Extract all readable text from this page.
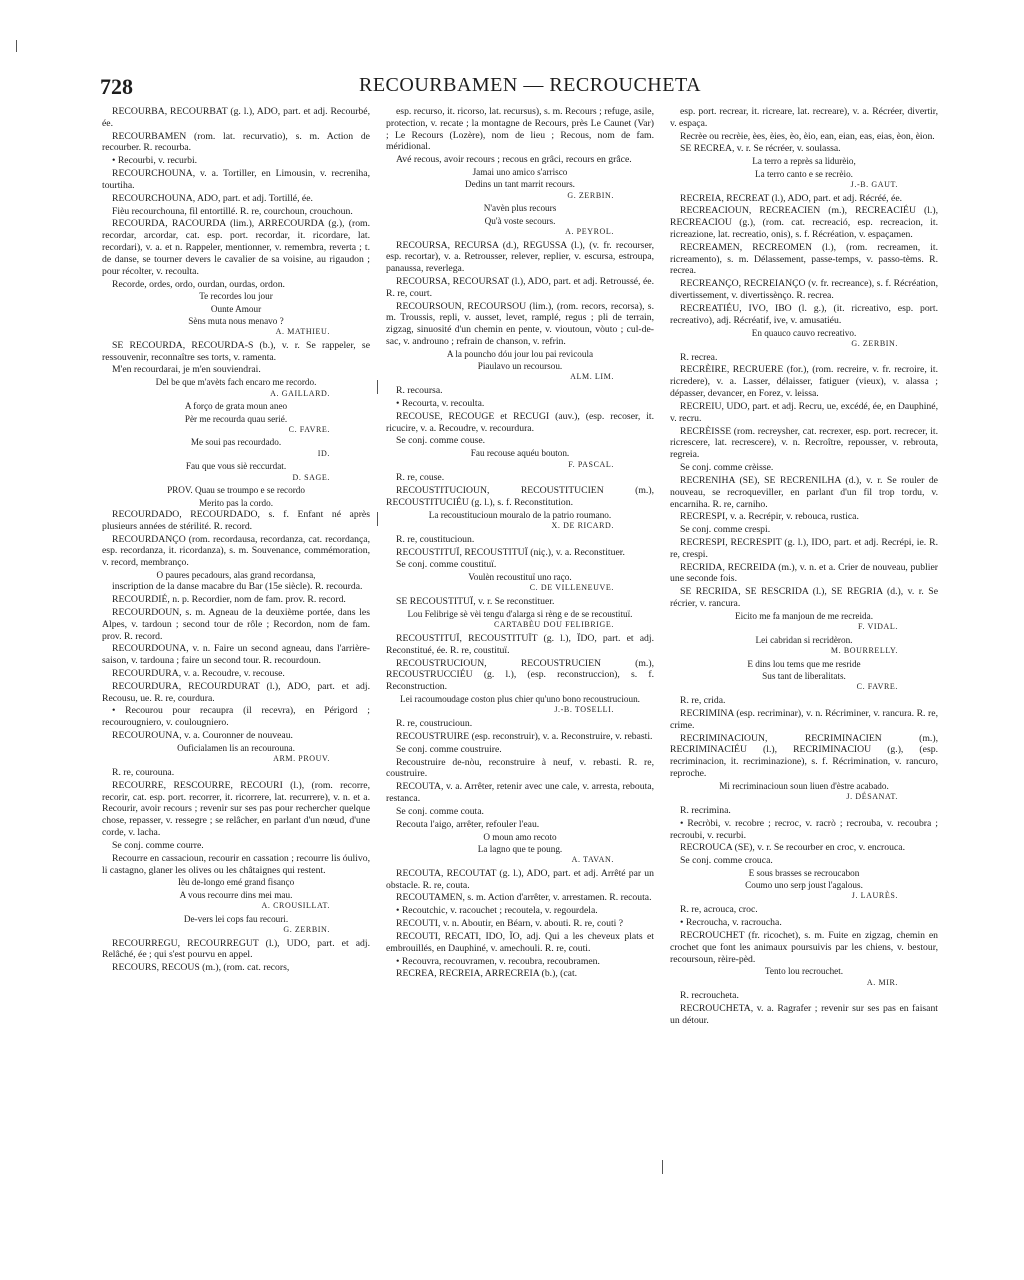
728	RECOURBAMEN — RECROUCHETA
RECOURBA, RECOURBAT (g. l.), ADO, part. et adj. Recourbé, ée.
RECOURBAMEN (rom. lat. recurvatio), s. m. Action de recourber. R. recourba.
• Recourbi, v. recurbi.
RECOURCHOUNA, v. a. Tortiller, en Limousin, v. recreniha, tourtiha.
RECOURCHOUNA, ADO, part. et adj. Tortillé, ée.
Fièu recourchouna, fil entortillé. R. re, courchoun, crouchoun.
RECOURDA, RACOURDA (lim.), ARRECOURDA (g.), (rom. recordar, arcordar, cat. esp. port. recordar, it. ricordare, lat. recordari), v. a. et n. Rappeler, mentionner, v. remembra, reverta ; t. de danse, se tourner devers le cavalier de sa voisine, au rigaudon ; pour récolter, v. recoulta.
Recorde, ordes, ordo, ourdan, ourdas, ordon.
Te recordes lou jour
Ounte Amour
Sèns muta nous menavo ?
A. MATHIEU.
SE RECOURDA, RECOURDA-S (b.), v. r. Se rappeler, se ressouvenir, reconnaître ses torts, v. ramenta.
M'en recourdarai, je m'en souviendrai.
Del be que m'avèts fach encaro me recordo.
A. GAILLARD.
A forço de grata moun aneo
Pèr me recourda quau serié.
C. FAVRE.
Me soui pas recourdado.
ID.
Fau que vous siè reccurdat.
D. SAGE.
PROV. Quau se troumpo e se recordo
Merito pas la cordo.
RECOURDADO, RECOURDADO, s. f. Enfant né après plusieurs années de stérilité. R. record.
RECOURDANÇO (rom. recordausa, recordanza, cat. recordança, esp. recordanza, it. ricordanza), s. m. Souvenance, commémoration, v. record, membranço.
O paures pecadours, alas grand recordansa,
inscription de la danse macabre du Bar (15e siècle). R. recourda.
RECOURDIÉ, n. p. Recordier, nom de fam. prov. R. record.
RECOURDOUN, s. m. Agneau de la deuxième portée, dans les Alpes, v. tardoun ; second tour de rôle ; Recordon, nom de fam. prov. R. record.
RECOURDOUNA, v. n. Faire un second agneau, dans l'arrière-saison, v. tardouna ; faire un second tour. R. recourdoun.
RECOURDURA, v. a. Recoudre, v. recouse.
RECOURDURA, RECOURDURAT (l.), ADO, part. et adj. Recousu, ue. R. re, courdura.
• Recourou pour recaupra (il recevra), en Périgord ; recourougniero, v. coulougniero.
RECOUROUNA, v. a. Couronner de nouveau.
Ouficialamen lis an recourouna.
ARM. PROUV.
R. re, courouna.
RECOURRE, RESCOURRE, RECOURI (l.), (rom. recorre, recorir, cat. esp. port. recorrer, it. ricorrere, lat. recurrere), v. n. et a. Recourir, avoir recours ; revenir sur ses pas pour rechercher quelque chose, repasser, v. ressegre ; se relâcher, en parlant d'un nœud, d'une corde, v. lacha.
Se conj. comme courre.
Recourre en cassacioun, recourir en cassation ; recourre lis óulivo, li castagno, glaner les olives ou les châtaignes qui restent.
Ièu de-longo emé grand fisanço
A vous recourre dins mei mau.
A. CROUSILLAT.
De-vers lei cops fau recouri.
G. ZERBIN.
RECOURREGU, RECOURREGUT (l.), UDO, part. et adj. Relâché, ée ; qui s'est pourvu en appel.
RECOURS, RECOUS (m.), (rom. cat. recors,
esp. recurso, it. ricorso, lat. recursus), s. m. Recours ; refuge, asile, protection, v. recate ; la montagne de Recours, près Le Caunet (Var) ; Le Recours (Lozère), nom de lieu ; Recous, nom de fam. méridional.
Avé recous, avoir recours ; recous en grâci, recours en grâce.
Jamai uno amico s'arrisco
Dedins un tant marrit recours.
G. ZERBIN.
N'avèn plus recours
Qu'à voste secours.
A. PEYROL.
RECOURSA, RECURSA (d.), REGUSSA (l.), (v. fr. recourser, esp. recortar), v. a. Retrousser, relever, replier, v. escursa, estroupa, panaussa, reverlega.
RECOURSA, RECOURSAT (l.), ADO, part. et adj. Retroussé, ée. R. re, court.
RECOURSOUN, RECOURSOU (lim.), (rom. recors, recorsa), s. m. Troussis, repli, v. ausset, levet, ramplé, regus ; pli de terrain, zigzag, sinuosité d'un chemin en pente, v. vioutoun, vòuto ; cul-de-sac, v. androuno ; refrain de chanson, v. refrin.
A la pouncho dóu jour lou pai revicoula
Piaulavo un recoursou.
ALM. LIM.
R. recoursa.
• Recourta, v. recoulta.
RECOUSE, RECOUGE et RECUGI (auv.), (esp. recoser, it. ricucire, v. a. Recoudre, v. recourdura.
Se conj. comme couse.
Fau recouse aquéu bouton.
F. PASCAL.
R. re, couse.
RECOUSTITUCIOUN, RECOUSTITUCIEN (m.), RECOUSTITUCIÉU (g. l.), s. f. Reconstitution.
La recoustitucioun mouralo de la patrio roumano.
X. DE RICARD.
R. re, coustitucioun.
RECOUSTITUÏ, RECOUSTITUÏ (niç.), v. a. Reconstituer.
Se conj. comme coustituï.
Voulèn recoustituï uno raço.
C. DE VILLENEUVE.
SE RECOUSTITUÏ, v. r. Se reconstituer.
Lou Felibrige sè vèi tengu d'alarga si rèng e de se recoustituï.
CARTABÈU DOU FELIBRIGE.
RECOUSTITUÏ, RECOUSTITUÏT (g. l.), ÏDO, part. et adj. Reconstitué, ée. R. re, coustituï.
RECOUSTRUCIOUN, RECOUSTRUCIEN (m.), RECOUSTRUCCIÉU (g. l.), (esp. reconstruccion), s. f. Reconstruction.
Lei racoumoudage coston plus chier qu'uno bono recoustrucioun.
J.-B. TOSELLI.
R. re, coustrucioun.
RECOUSTRUIRE (esp. reconstruir), v. a. Reconstruire, v. rebasti.
Se conj. comme coustruire.
Recoustruire de-nòu, reconstruire à neuf, v. rebasti. R. re, coustruire.
RECOUTA, v. a. Arrêter, retenir avec une cale, v. arresta, rebouta, restanca.
Se conj. comme couta.
Recouta l'aigo, arrêter, refouler l'eau.
O moun amo recoto
La lagno que te poung.
A. TAVAN.
RECOUTA, RECOUTAT (g. l.), ADO, part. et adj. Arrêté par un obstacle. R. re, couta.
RECOUTAMEN, s. m. Action d'arrêter, v. arrestamen. R. recouta.
• Recoutchic, v. racouchet ; recoutela, v. regourdela.
RECOUTI, v. n. Aboutir, en Béarn, v. abouti. R. re, couti ?
RECOUTI, RECATI, IDO, ÏO, adj. Qui a les cheveux plats et embrouillés, en Dauphiné, v. amechouli. R. re, couti.
• Recouvra, recouvramen, v. recoubra, recoubramen.
RECREA, RECREIA, ARRECREIA (b.), (cat.
esp. port. recrear, it. ricreare, lat. recreare), v. a. Récréer, divertir, v. espaça.
Recrèe ou recrèie, èes, èies, èo, èio, ean, eian, eas, eias, èon, èion.
SE RECREA, v. r. Se récréer, v. soulassa.
La terro a reprès sa lidurèio,
La terro canto e se recrèio.
J.-B. GAUT.
RECREIA, RECREAT (l.), ADO, part. et adj. Récréé, ée.
RECREACIOUN, RECREACIEN (m.), RECREACIÉU (l.), RECREACIOU (g.), (rom. cat. recreació, esp. recreacion, it. ricreazione, lat. recreatio, onis), s. f. Récréation, v. espaçamen.
RECREAMEN, RECREOMEN (l.), (rom. recreamen, it. ricreamento), s. m. Délassement, passe-temps, v. passo-tèms. R. recrea.
RECREANÇO, RECREIANÇO (v. fr. recreance), s. f. Récréation, divertissement, v. divertissènço. R. recrea.
RECREATIÉU, IVO, IBO (l. g.), (it. ricreativo, esp. port. recreativo), adj. Récréatif, ive, v. amusatiéu.
En quauco cauvo recreativo.
G. ZERBIN.
R. recrea.
RECRÈIRE, RECRUERE (for.), (rom. recreire, v. fr. recroire, it. ricredere), v. a. Lasser, délaisser, fatiguer (vieux), v. alassa ; dépasser, devancer, en Forez, v. leissa.
RECREIU, UDO, part. et adj. Recru, ue, excédé, ée, en Dauphiné, v. recru.
RECRÈISSE (rom. recreysher, cat. recrexer, esp. port. recrecer, it. ricrescere, lat. recrescere), v. n. Recroître, repousser, v. rebrouta, regreia.
Se conj. comme crèisse.
RECRENIHA (SE), SE RECRENILHA (d.), v. r. Se rouler de nouveau, se recroqueviller, en parlant d'un fil trop tordu, v. encarniha. R. re, carniho.
RECRESPI, v. a. Recrépir, v. rebouca, rustica.
Se conj. comme crespi.
RECRESPI, RECRESPIT (g. l.), IDO, part. et adj. Recrépi, ie. R. re, crespi.
RECRIDA, RECREIDA (m.), v. n. et a. Crier de nouveau, publier une seconde fois.
SE RECRIDA, SE RESCRIDA (l.), SE REGRIA (d.), v. r. Se récrier, v. rancura.
Eicito me fa manjoun de me recreida.
F. VIDAL.
Lei cabridan si recridèron.
M. BOURRELLY.
E dins lou tems que me resride
Sus tant de liberalitats.
C. FAVRE.
R. re, crida.
RECRIMINA (esp. recriminar), v. n. Récriminer, v. rancura. R. re, crime.
RECRIMINACIOUN, RECRIMINACIEN (m.), RECRIMINACIÉU (l.), RECRIMINACIOU (g.), (esp. recriminacion, it. recriminazione), s. f. Récrimination, v. rancuro, reproche.
Mi recriminacioun soun liuen d'èstre acabado.
J. DÉSANAT.
R. recrimina.
• Recròbi, v. recobre ; recroc, v. racrò ; recrouba, v. recoubra ; recroubi, v. recurbi.
RECROUCA (SE), v. r. Se recourber en croc, v. encrouca.
Se conj. comme crouca.
E sous brasses se recroucabon
Coumo uno serp joust l'agalous.
J. LAURÈS.
R. re, acrouca, croc.
• Recroucha, v. racroucha.
RECROUCHET (fr. ricochet), s. m. Fuite en zigzag, chemin en crochet que font les animaux poursuivis par les chiens, v. bestour, recoursoun, rèire-pèd.
Tento lou recrouchet.
A. MIR.
R. recroucheta.
RECROUCHETA, v. a. Ragrafer ; revenir sur ses pas en faisant un détour.
